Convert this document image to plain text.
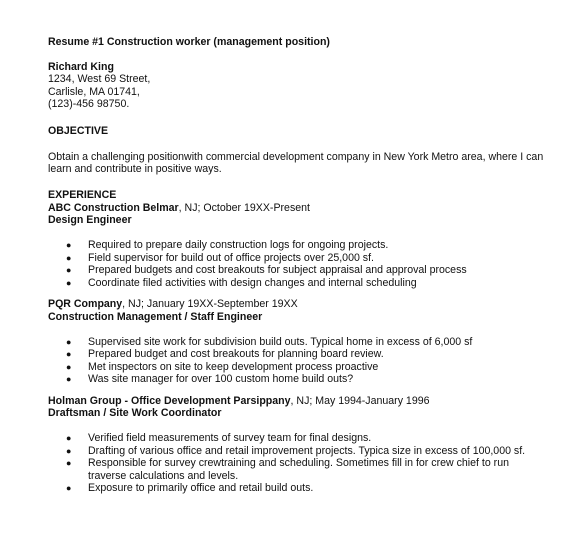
Resume #1 Construction worker (management position)
Richard King
1234, West 69 Street,
Carlisle, MA 01741,
(123)-456 98750.
OBJECTIVE
Obtain a challenging positionwith commercial development company in New York Metro area, where I can learn and contribute in positive ways.
EXPERIENCE
ABC Construction Belmar, NJ; October 19XX-Present
Design Engineer
● Required to prepare daily construction logs for ongoing projects.
● Field supervisor for build out of office projects over 25,000 sf.
● Prepared budgets and cost breakouts for subject appraisal and approval process
● Coordinate filed activities with design changes and internal scheduling
PQR Company, NJ; January 19XX-September 19XX
Construction Management / Staff Engineer
● Supervised site work for subdivision build outs. Typical home in excess of 6,000 sf
● Prepared budget and cost breakouts for planning board review.
● Met inspectors on site to keep development process proactive
● Was site manager for over 100 custom home build outs?
Holman Group - Office Development Parsippany, NJ; May 1994-January 1996
Draftsman / Site Work Coordinator
● Verified field measurements of survey team for final designs.
● Drafting of various office and retail improvement projects. Typica size in excess of 100,000 sf.
● Responsible for survey crewtraining and scheduling. Sometimes fill in for crew chief to run traverse calculations and levels.
● Exposure to primarily office and retail build outs.
